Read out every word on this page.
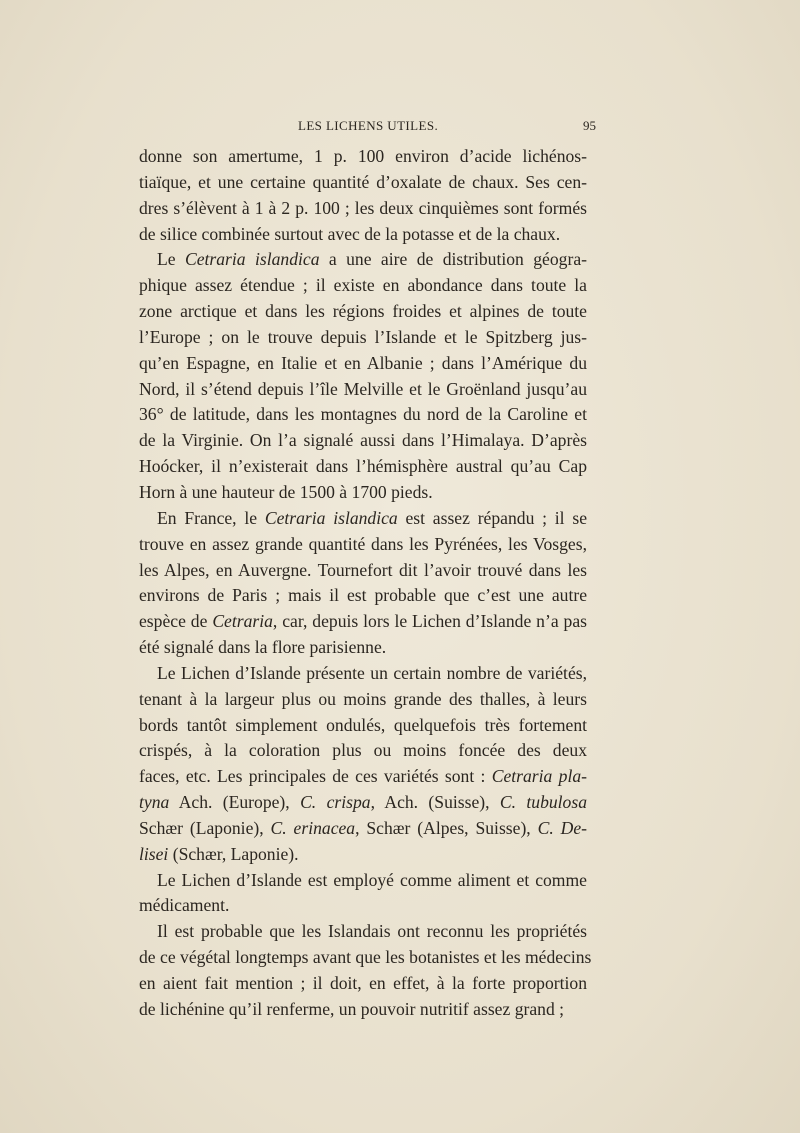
LES LICHENS UTILES.	95
donne son amertume, 1 p. 100 environ d’acide lichénos-
tiaïque, et une certaine quantité d’oxalate de chaux. Ses cen-
dres s’élèvent à 1 à 2 p. 100 ; les deux cinquièmes sont formés
de silice combinée surtout avec de la potasse et de la chaux.
Le Cetraria islandica a une aire de distribution géogra-
phique assez étendue ; il existe en abondance dans toute la
zone arctique et dans les régions froides et alpines de toute
l’Europe ; on le trouve depuis l’Islande et le Spitzberg jus-
qu’en Espagne, en Italie et en Albanie ; dans l’Amérique du
Nord, il s’étend depuis l’île Melville et le Groënland jusqu’au
36° de latitude, dans les montagnes du nord de la Caroline et
de la Virginie. On l’a signalé aussi dans l’Himalaya. D’après
Hoócker, il n’existerait dans l’hémisphère austral qu’au Cap
Horn à une hauteur de 1500 à 1700 pieds.
En France, le Cetraria islandica est assez répandu ; il se
trouve en assez grande quantité dans les Pyrénées, les Vosges,
les Alpes, en Auvergne. Tournefort dit l’avoir trouvé dans les
environs de Paris ; mais il est probable que c’est une autre
espèce de Cetraria, car, depuis lors le Lichen d’Islande n’a pas
été signalé dans la flore parisienne.
Le Lichen d’Islande présente un certain nombre de variétés,
tenant à la largeur plus ou moins grande des thalles, à leurs
bords tantôt simplement ondulés, quelquefois très fortement
crispés, à la coloration plus ou moins foncée des deux
faces, etc. Les principales de ces variétés sont : Cetraria pla-
tyna Ach. (Europe), C. crispa, Ach. (Suisse), C. tubulosa
Schær (Laponie), C. erinacea, Schær (Alpes, Suisse), C. De-
lisei (Schær, Laponie).
Le Lichen d’Islande est employé comme aliment et comme
médicament.
Il est probable que les Islandais ont reconnu les propriétés
de ce végétal longtemps avant que les botanistes et les médecins
en aient fait mention ; il doit, en effet, à la forte proportion
de lichénine qu’il renferme, un pouvoir nutritif assez grand ;
